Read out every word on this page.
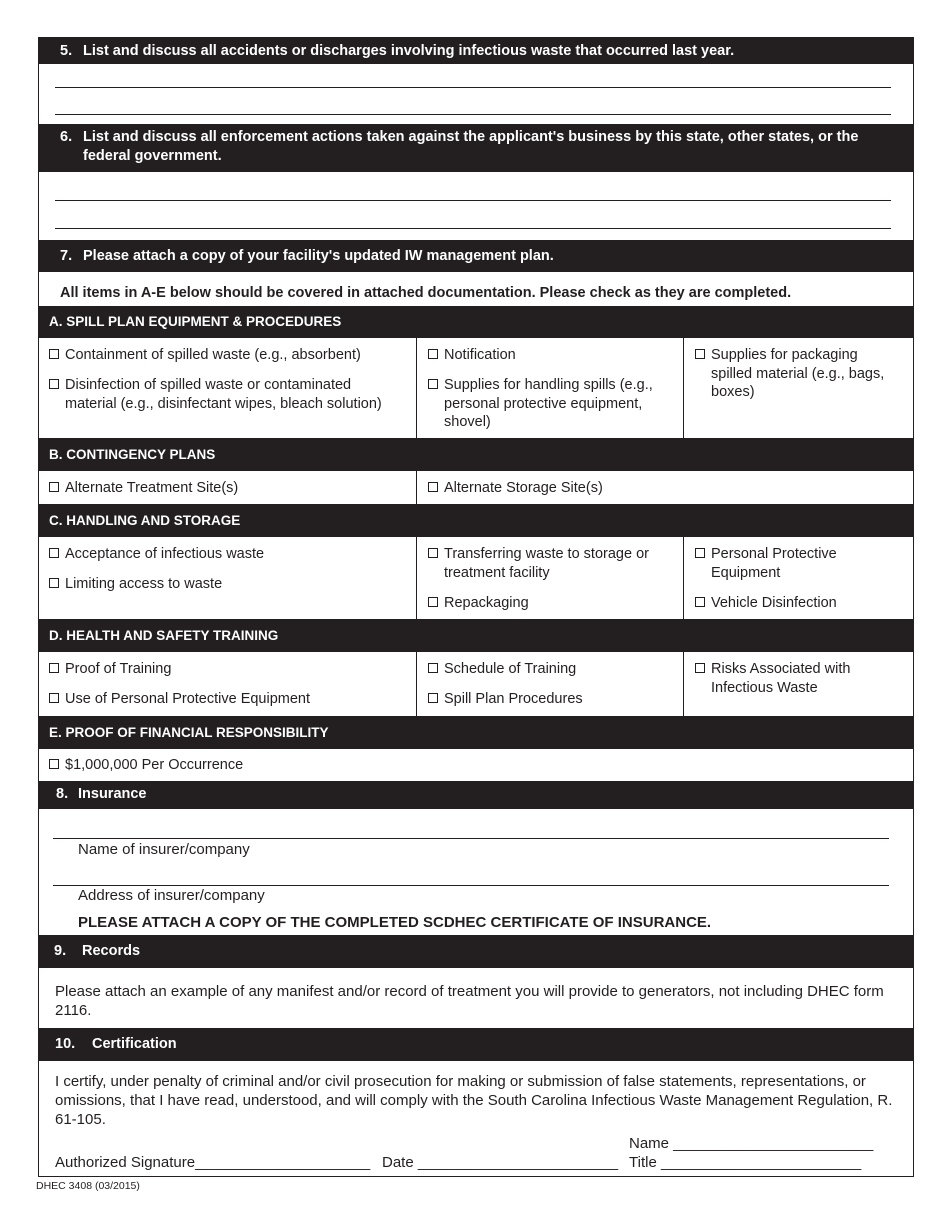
5. List and discuss all accidents or discharges involving infectious waste that occurred last year.
6. List and discuss all enforcement actions taken against the applicant's business by this state, other states, or the federal government.
7. Please attach a copy of your facility's updated IW management plan.
All items in A-E below should be covered in attached documentation. Please check as they are completed.
A. SPILL PLAN EQUIPMENT & PROCEDURES
Containment of spilled waste (e.g., absorbent)
Disinfection of spilled waste or contaminated material (e.g., disinfectant wipes, bleach solution)
Notification
Supplies for handling spills (e.g., personal protective equipment, shovel)
Supplies for packaging spilled material (e.g., bags, boxes)
B. CONTINGENCY PLANS
Alternate Treatment Site(s)	Alternate Storage Site(s)
C. HANDLING AND STORAGE
Acceptance of infectious waste
Limiting access to waste
Transferring waste to storage or treatment facility
Repackaging
Personal Protective Equipment
Vehicle Disinfection
D. HEALTH AND SAFETY TRAINING
Proof of Training
Use of Personal Protective Equipment
Schedule of Training
Spill Plan Procedures
Risks Associated with Infectious Waste
E. PROOF OF FINANCIAL RESPONSIBILITY
$1,000,000 Per Occurrence
8. Insurance
Name of insurer/company
Address of insurer/company
PLEASE ATTACH A COPY OF THE COMPLETED SCDHEC CERTIFICATE OF INSURANCE.
9. Records
Please attach an example of any manifest and/or record of treatment you will provide to generators, not including DHEC form 2116.
10. Certification
I certify, under penalty of criminal and/or civil prosecution for making or submission of false statements, representations, or omissions, that I have read, understood, and will comply with the South Carolina Infectious Waste Management Regulation, R. 61-105.
Authorized Signature_____________________ Date ________________________
Name ________________________
Title ________________________
DHEC 3408 (03/2015)
